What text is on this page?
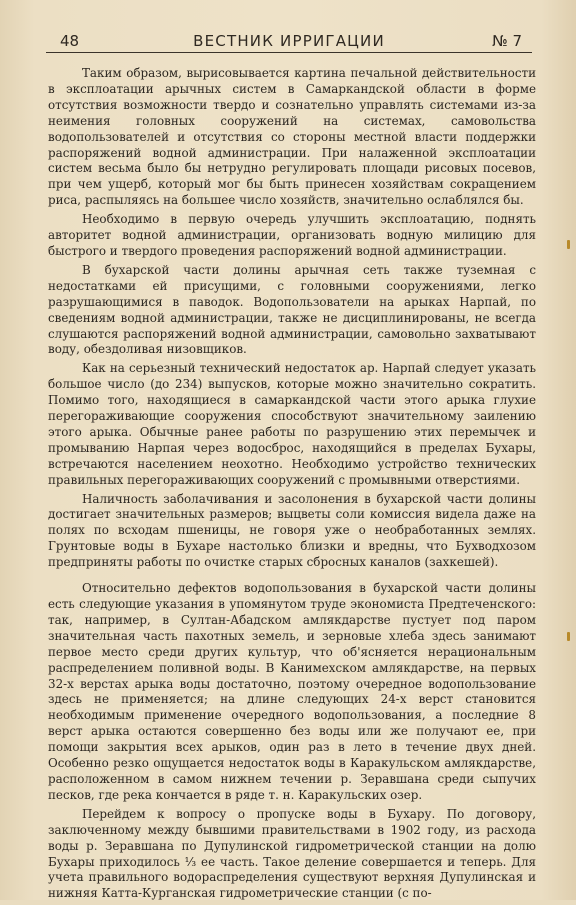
48	ВЕСТНИК ИРРИГАЦИИ	№ 7

Таким образом, вырисовывается картина печальной действительности в эксплоатации арычных систем в Самаркандской области в форме отсутствия возможности твердо и сознательно управлять системами из-за неимения головных сооружений на системах, самовольства водопользователей и отсутствия со стороны местной власти поддержки распоряжений водной администрации. При налаженной эксплоатации систем весьма было бы нетрудно регулировать площади рисовых посевов, при чем ущерб, который мог бы быть принесен хозяйствам сокращением риса, распыляясь на большее число хозяйств, значительно ослаблялся бы.

Необходимо в первую очередь улучшить эксплоатацию, поднять авторитет водной администрации, организовать водную милицию для быстрого и твердого проведения распоряжений водной администрации.

В бухарской части долины арычная сеть также туземная с недостатками ей присущими, с головными сооружениями, легко разрушающимися в паводок. Водопользователи на арыках Нарпай, по сведениям водной администрации, также не дисциплинированы, не всегда слушаются распоряжений водной администрации, самовольно захватывают воду, обездоливая низовщиков.

Как на серьезный технический недостаток ар. Нарпай следует указать большое число (до 234) выпусков, которые можно значительно сократить. Помимо того, находящиеся в самаркандской части этого арыка глухие перегораживающие сооружения способствуют значительному заилению этого арыка. Обычные ранее работы по разрушению этих перемычек и промыванию Нарпая через водосброс, находящийся в пределах Бухары, встречаются населением неохотно. Необходимо устройство технических правильных перегораживающих сооружений с промывными отверстиями.

Наличность заболачивания и засолонения в бухарской части долины достигает значительных размеров; выцветы соли комиссия видела даже на полях по всходам пшеницы, не говоря уже о необработанных землях. Грунтовые воды в Бухаре настолько близки и вредны, что Бухводхозом предприняты работы по очистке старых сбросных каналов (захкешей).

Относительно дефектов водопользования в бухарской части долины есть следующие указания в упомянутом труде экономиста Предтеченского: так, например, в Султан-Абадском амлякдарстве пустует под паром значительная часть пахотных земель, и зерновые хлеба здесь занимают первое место среди других культур, что об'ясняется нерациональным распределением поливной воды. В Канимехском амлякдарстве, на первых 32-х верстах арыка воды достаточно, поэтому очередное водопользование здесь не применяется; на длине следующих 24-х верст становится необходимым применение очередного водопользования, а последние 8 верст арыка остаются совершенно без воды или же получают ее, при помощи закрытия всех арыков, один раз в лето в течение двух дней. Особенно резко ощущается недостаток воды в Каракульском амлякдарстве, расположенном в самом нижнем течении р. Зеравшана среди сыпучих песков, где река кончается в ряде т. н. Каракульских озер.

Перейдем к вопросу о пропуске воды в Бухару. По договору, заключенному между бывшими правительствами в 1902 году, из расхода воды р. Зеравшана по Дупулинской гидрометрической станции на долю Бухары приходилось ⅓ ее часть. Такое деление совершается и теперь. Для учета правильного водораспределения существуют верхняя Дупулинская и нижняя Катта-Курганская гидрометрические станции (с по-
